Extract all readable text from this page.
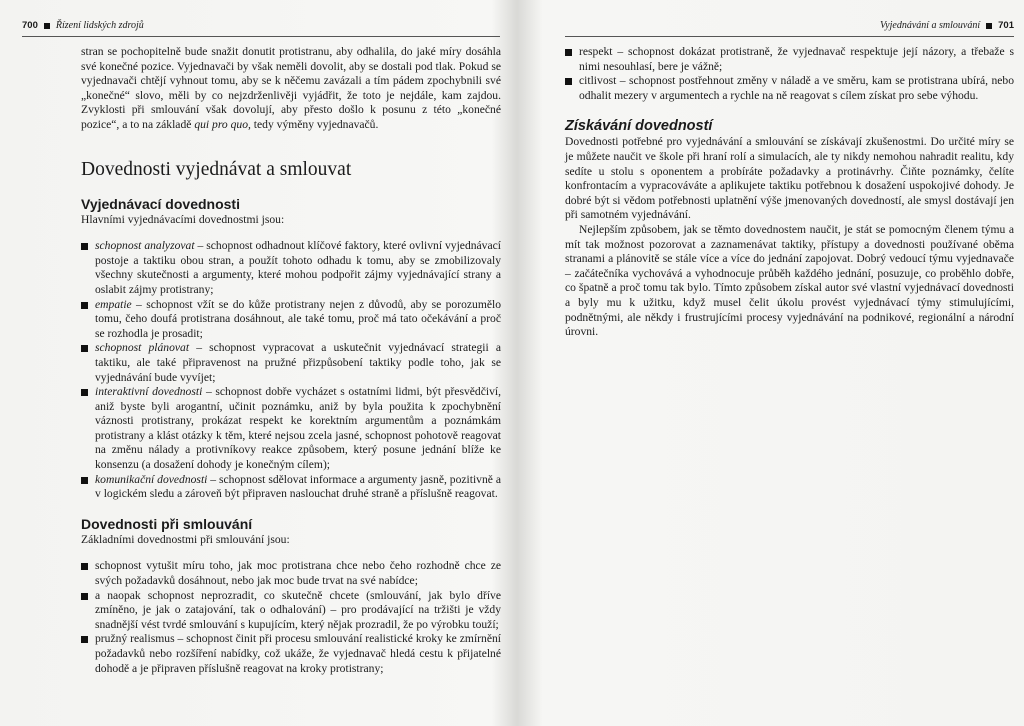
700 Řízení lidských zdrojů

stran se pochopitelně bude snažit donutit protistranu, aby odhalila, do jaké míry dosáhla své konečné pozice. Vyjednavači by však neměli dovolit, aby se dostali pod tlak. Pokud se vyjednavači chtějí vyhnout tomu, aby se k něčemu zavázali a tím pádem zpochybnili své „konečné“ slovo, měli by co nejzdrženlivěji vyjádřit, že toto je nejdále, kam zajdou. Zvyklosti při smlouvání však dovolují, aby přesto došlo k posunu z této „konečné pozice“, a to na základě qui pro quo, tedy výměny vyjednavačů.

Dovednosti vyjednávat a smlouvat
Vyjednávací dovednosti

Hlavními vyjednávacími dovednostmi jsou:

schopnost analyzovat – schopnost odhadnout klíčové faktory, které ovlivní vyjednávací postoje a taktiku obou stran, a použít tohoto odhadu k tomu, aby se zmobilizovaly všechny skutečnosti a argumenty, které mohou podpořit zájmy vyjednávající strany a oslabit zájmy protistrany;
empatie – schopnost vžít se do kůže protistrany nejen z důvodů, aby se porozumělo tomu, čeho doufá protistrana dosáhnout, ale také tomu, proč má tato očekávání a proč se rozhodla je prosadit;
schopnost plánovat – schopnost vypracovat a uskutečnit vyjednávací strategii a taktiku, ale také připravenost na pružné přizpůsobení taktiky podle toho, jak se vyjednávání bude vyvíjet;
interaktivní dovednosti – schopnost dobře vycházet s ostatními lidmi, být přesvědčiví, aniž byste byli arogantní, učinit poznámku, aniž by byla použita k zpochybnění váznosti protistrany, prokázat respekt ke korektním argumentům a poznámkám protistrany a klást otázky k těm, které nejsou zcela jasné, schopnost pohotově reagovat na změnu nálady a protivníkovy reakce způsobem, který posune jednání blíže ke konsenzu (a dosažení dohody je konečným cílem);
komunikační dovednosti – schopnost sdělovat informace a argumenty jasně, pozitivně a v logickém sledu a zároveň být připraven naslouchat druhé straně a příslušně reagovat.
Dovednosti při smlouvání

Základními dovednostmi při smlouvání jsou:

schopnost vytušit míru toho, jak moc protistrana chce nebo čeho rozhodně chce ze svých požadavků dosáhnout, nebo jak moc bude trvat na své nabídce;
a naopak schopnost neprozradit, co skutečně chcete (smlouvání, jak bylo dříve zmíněno, je jak o zatajování, tak o odhalování) – pro prodávající na tržišti je vždy snadnější vést tvrdé smlouvání s kupujícím, který nějak prozradil, že po výrobku touží;
pružný realismus – schopnost činit při procesu smlouvání realistické kroky ke zmírnění požadavků nebo rozšíření nabídky, což ukáže, že vyjednavač hledá cestu k přijatelné dohodě a je připraven příslušně reagovat na kroky protistrany;
Vyjednávání a smlouvání 701
respekt – schopnost dokázat protistraně, že vyjednavač respektuje její názory, a třebaže s nimi nesouhlasí, bere je vážně;
citlivost – schopnost postřehnout změny v náladě a ve směru, kam se protistrana ubírá, nebo odhalit mezery v argumentech a rychle na ně reagovat s cílem získat pro sebe výhodu.
Získávání dovedností

Dovednosti potřebné pro vyjednávání a smlouvání se získávají zkušenostmi. Do určité míry se je můžete naučit ve škole při hraní rolí a simulacích, ale ty nikdy nemohou nahradit realitu, kdy sedíte u stolu s oponentem a probíráte požadavky a protinávrhy. Čiňte poznámky, čelíte konfrontacím a vypracováváte a aplikujete taktiku potřebnou k dosažení uspokojivé dohody. Je dobré být si vědom potřebnosti uplatnění výše jmenovaných dovedností, ale smysl dostávají jen při samotném vyjednávání.

Nejlepším způsobem, jak se těmto dovednostem naučit, je stát se pomocným členem týmu a mít tak možnost pozorovat a zaznamenávat taktiky, přístupy a dovednosti používané oběma stranami a plánovitě se stále více a více do jednání zapojovat. Dobrý vedoucí týmu vyjednavače – začátečníka vychovává a vyhodnocuje průběh každého jednání, posuzuje, co proběhlo dobře, co špatně a proč tomu tak bylo. Tímto způsobem získal autor své vlastní vyjednávací dovednosti a byly mu k užitku, když musel čelit úkolu provést vyjednávací týmy stimulujícími, podnětnými, ale někdy i frustrujícími procesy vyjednávání na podnikové, regionální a národní úrovni.
